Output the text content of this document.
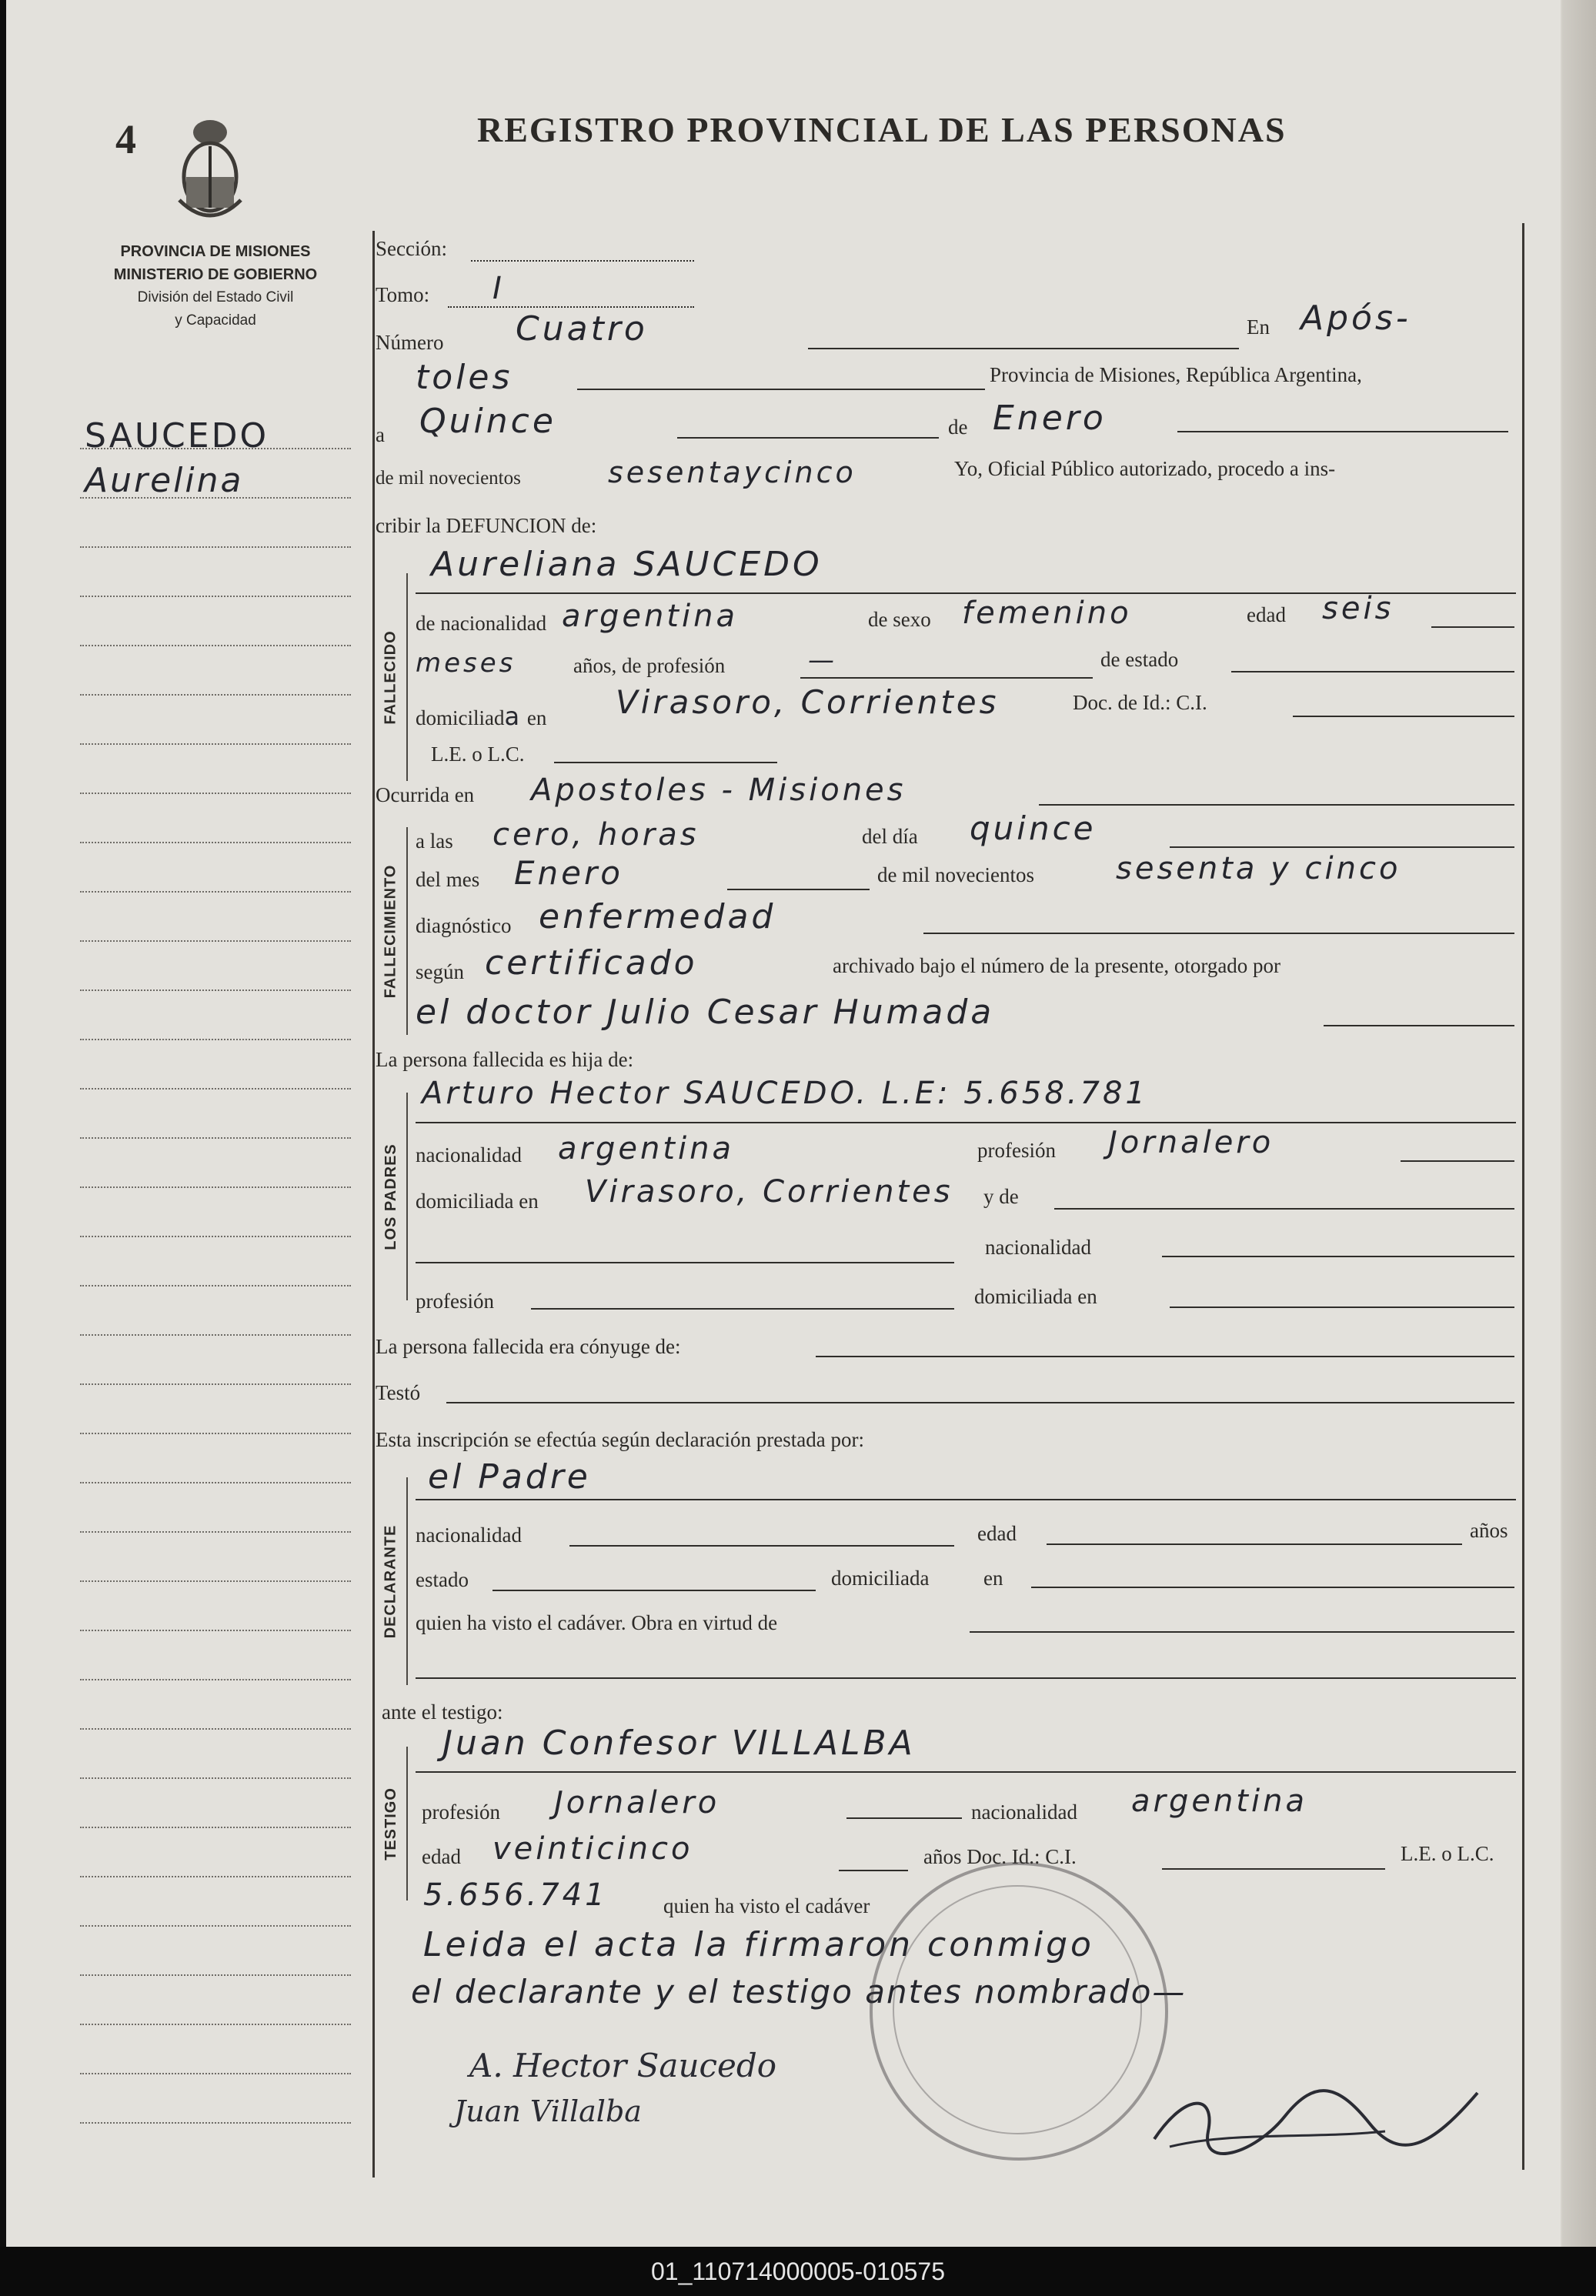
4	REGISTRO PROVINCIAL DE LAS PERSONAS
PROVINCIA DE MISIONES
MINISTERIO DE GOBIERNO
División del Estado Civil
y Capacidad
SAUCEDO
Aurelina
FALLECIDO
FALLECIMIENTO
LOS PADRES
DECLARANTE
TESTIGO
Sección:
Tomo: I
Número Cuatro	En Após-
toles	Provincia de Misiones, República Argentina,
a Quince	de Enero
de mil novecientos	sesentaycinco	Yo, Oficial Público autorizado, procedo a ins-
cribir la DEFUNCION de:
Aureliana SAUCEDO
de nacionalidad argentina	de sexo femenino	edad seis
meses	años, de profesión	—	de estado
domiciliada en Virasoro, Corrientes	Doc. de Id.: C.I.
L.E. o L.C.
Ocurrida en Apostoles - Misiones
a las cero, horas	del día quince
del mes Enero	de mil novecientos	sesenta y cinco
diagnóstico enfermedad
según certificado	archivado bajo el número de la presente, otorgado por
el doctor Julio Cesar Humada
La persona fallecida es hija de:
Arturo Hector SAUCEDO. L.E: 5.658.781
nacionalidad argentina	profesión Jornalero
domiciliada en Virasoro, Corrientes y de
nacionalidad
profesión	domiciliada en
La persona fallecida era cónyuge de:
Testó
Esta inscripción se efectúa según declaración prestada por:
el Padre
nacionalidad	edad	años
estado	domiciliada	en
quien ha visto el cadáver. Obra en virtud de
ante el testigo:
Juan Confesor VILLALBA
profesión Jornalero	nacionalidad argentina
edad veinticinco	años Doc. Id.: C.I.	L.E. o L.C.
5.656.741	quien ha visto el cadáver
Leida el acta la firmaron conmigo
el declarante y el testigo antes nombrado—
A. Hector Saucedo
Juan Villalba
01_110714000005-010575
